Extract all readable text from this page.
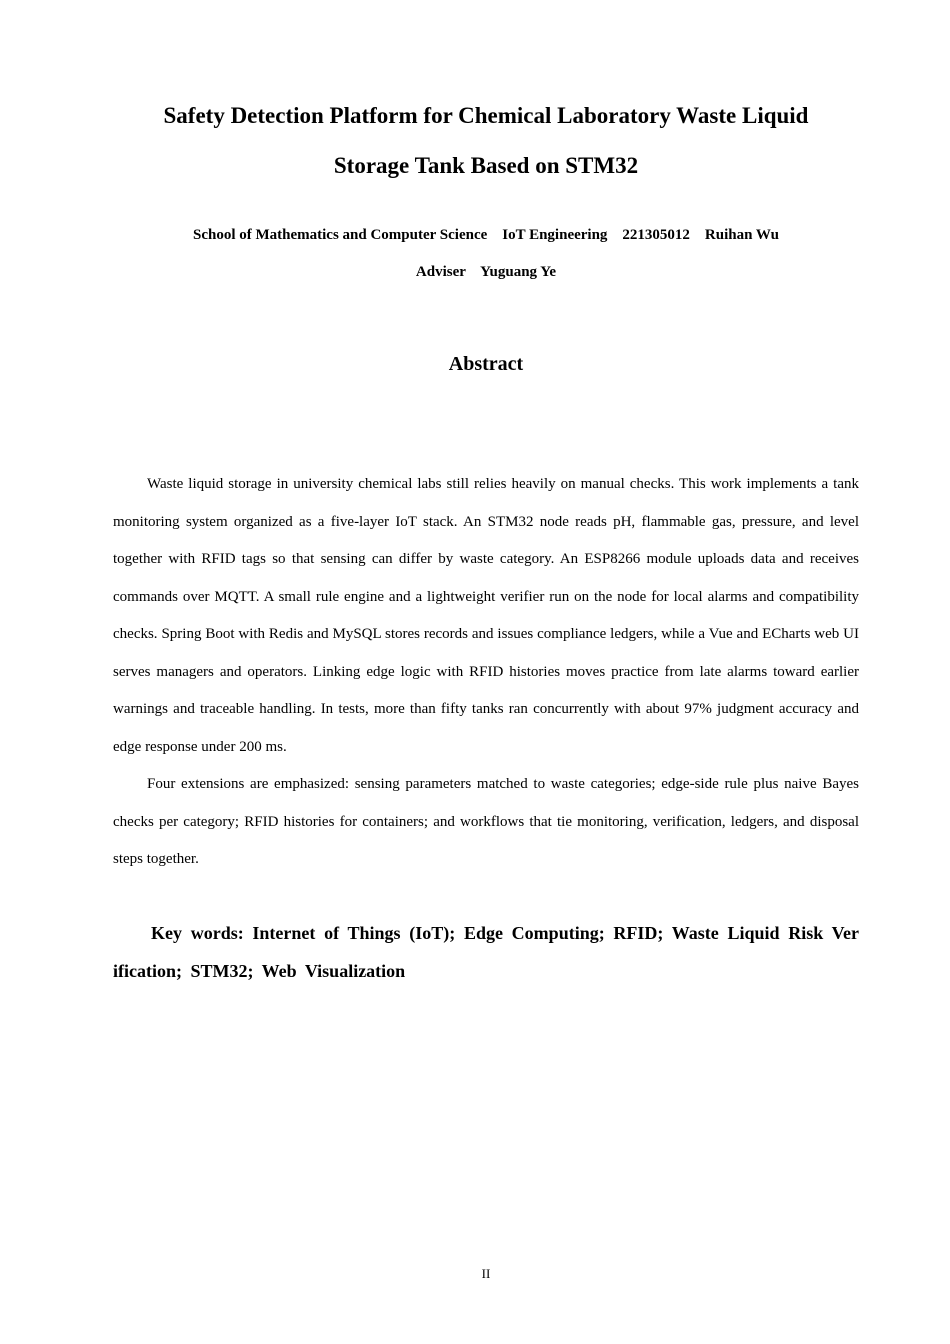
Safety Detection Platform for Chemical Laboratory Waste Liquid
Storage Tank Based on STM32
School of Mathematics and Computer Science    IoT Engineering    221305012    Ruihan Wu
Adviser    Yuguang Ye
Abstract

Waste liquid storage in university chemical labs still relies heavily on manual checks. This work implements a tank monitoring system organized as a five-layer IoT stack. An STM32 node reads pH, flammable gas, pressure, and level together with RFID tags so that sensing can differ by waste category. An ESP8266 module uploads data and receives commands over MQTT. A small rule engine and a lightweight verifier run on the node for local alarms and compatibility checks. Spring Boot with Redis and MySQL stores records and issues compliance ledgers, while a Vue and ECharts web UI serves managers and operators. Linking edge logic with RFID histories moves practice from late alarms toward earlier warnings and traceable handling. In tests, more than fifty tanks ran concurrently with about 97% judgment accuracy and edge response under 200 ms.

Four extensions are emphasized: sensing parameters matched to waste categories; edge-side rule plus naive Bayes checks per category; RFID histories for containers; and workflows that tie monitoring, verification, ledgers, and disposal steps together.

Key words: Internet of Things (IoT); Edge Computing; RFID; Waste Liquid Risk Verification; STM32; Web Visualization
II
